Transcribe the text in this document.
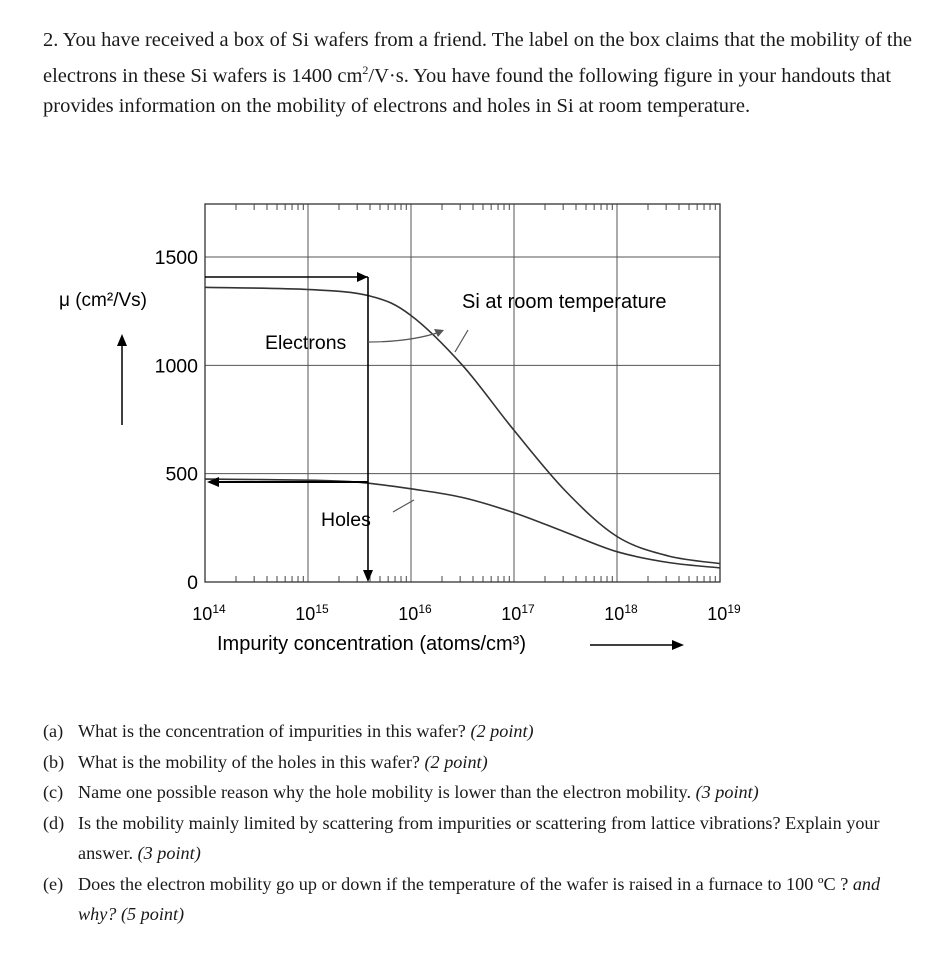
2. You have received a box of Si wafers from a friend. The label on the box claims that the mobility of the electrons in these Si wafers is 1400 $cm^2/V\cdot s$. You have found the following figure in your handouts that provides information on the mobility of electrons and holes in Si at room temperature.
Si at room temperature
Electrons
Holes
μ (cm²/Vs)
Impurity concentration (atoms/cm³)
0
500
1000
1500
$10^{14}$	$10^{15}$	$10^{16}$	$10^{17}$	$10^{18}$	$10^{19}$
(a) What is the concentration of impurities in this wafer? (2 point)
(b) What is the mobility of the holes in this wafer? (2 point)
(c) Name one possible reason why the hole mobility is lower than the electron mobility. (3 point)
(d) Is the mobility mainly limited by scattering from impurities or scattering from lattice vibrations? Explain your answer. (3 point)
(e) Does the electron mobility go up or down if the temperature of the wafer is raised in a furnace to 100 ºC ? and why? (5 point)
